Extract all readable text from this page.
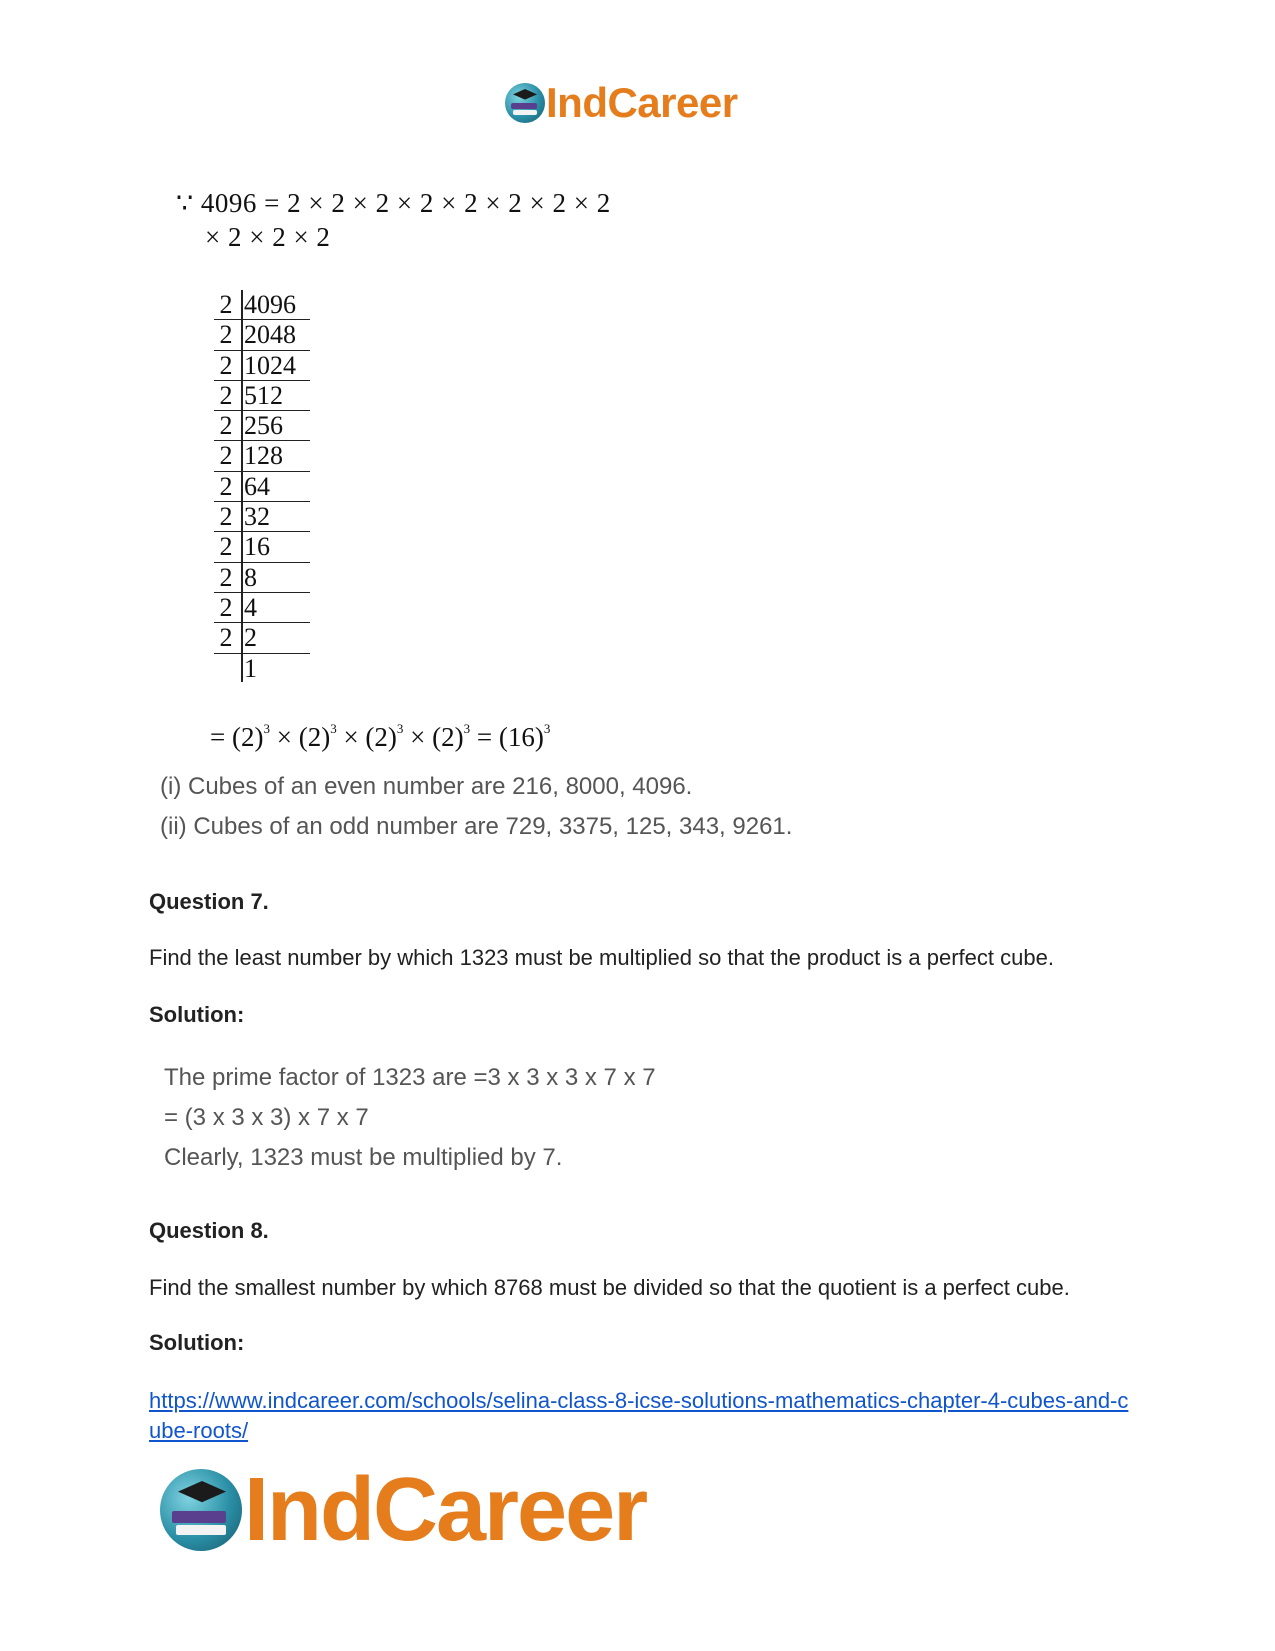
IndCareer
∵ 4096 = 2 × 2 × 2 × 2 × 2 × 2 × 2 × 2
× 2 × 2 × 2
2 4096
2 2048
2 1024
2 512
2 256
2 128
2 64
2 32
2 16
2 8
2 4
2 2
1
= $(2)^3 \times (2)^3 \times (2)^3 \times (2)^3 = (16)^3$
(i) Cubes of an even number are 216, 8000, 4096.
(ii) Cubes of an odd number are 729, 3375, 125, 343, 9261.
Question 7.
Find the least number by which 1323 must be multiplied so that the product is a perfect cube.
Solution:
The prime factor of 1323 are =3 x 3 x 3 x 7 x 7
= (3 x 3 x 3) x 7 x 7
Clearly, 1323 must be multiplied by 7.
Question 8.
Find the smallest number by which 8768 must be divided so that the quotient is a perfect cube.
Solution:
https://www.indcareer.com/schools/selina-class-8-icse-solutions-mathematics-chapter-4-cubes-and-cube-roots/
IndCareer
